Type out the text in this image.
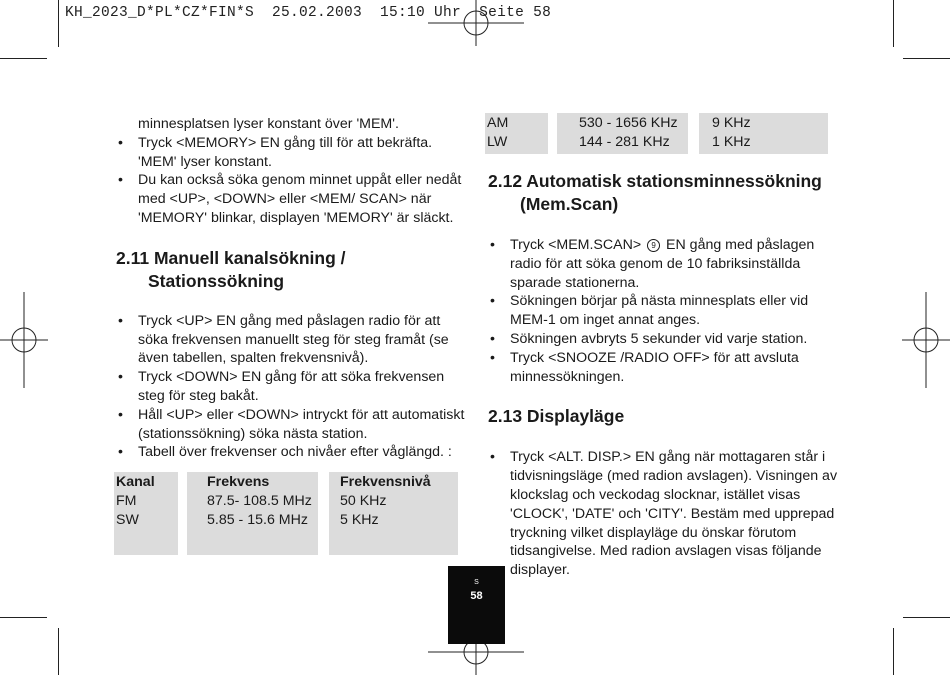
KH_2023_D*PL*CZ*FIN*S  25.02.2003  15:10 Uhr  Seite 58

minnesplatsen lyser konstant över 'MEM'.

• Tryck <MEMORY> EN gång till för att bekräfta. 'MEM' lyser konstant.

• Du kan också söka genom minnet uppåt eller nedåt med <UP>, <DOWN> eller <MEM/ SCAN> när 'MEMORY' blinkar, displayen 'MEMORY' är släckt.

2.11 Manuell kanalsökning /
Stationssökning

• Tryck <UP> EN gång med påslagen radio för att söka frekvensen manuellt steg för steg framåt (se även tabellen, spalten frekvensnivå).

• Tryck <DOWN> EN gång för att söka frekvensen steg för steg bakåt.

• Håll <UP> eller <DOWN> intryckt för att automatiskt (stationssökning) söka nästa station.

• Tabell över frekvenser och nivåer efter våglängd. :

Kanal
FM
SW
Frekvens
87.5- 108.5 MHz
5.85 - 15.6 MHz
Frekvensnivå
50 KHz
5 KHz
AM
LW
530 - 1656 KHz
144 - 281 KHz
9 KHz
1 KHz
2.12 Automatisk stationsminnessökning
(Mem.Scan)

• Tryck <MEM.SCAN> 9 EN gång med påslagen radio för att söka genom de 10 fabriksinställda sparade stationerna.

• Sökningen börjar på nästa minnesplats eller vid MEM-1 om inget annat anges.

• Sökningen avbryts 5 sekunder vid varje station.

• Tryck <SNOOZE /RADIO OFF> för att avsluta minnessökningen.

2.13 Displayläge

• Tryck <ALT. DISP.> EN gång när mottagaren står i tidvisningsläge (med radion avslagen). Visningen av klockslag och veckodag slocknar, istället visas 'CLOCK', 'DATE' och 'CITY'. Bestäm med upprepad tryckning vilket displayläge du önskar förutom tidsangivelse. Med radion avslagen visas följande displayer.

S
58
